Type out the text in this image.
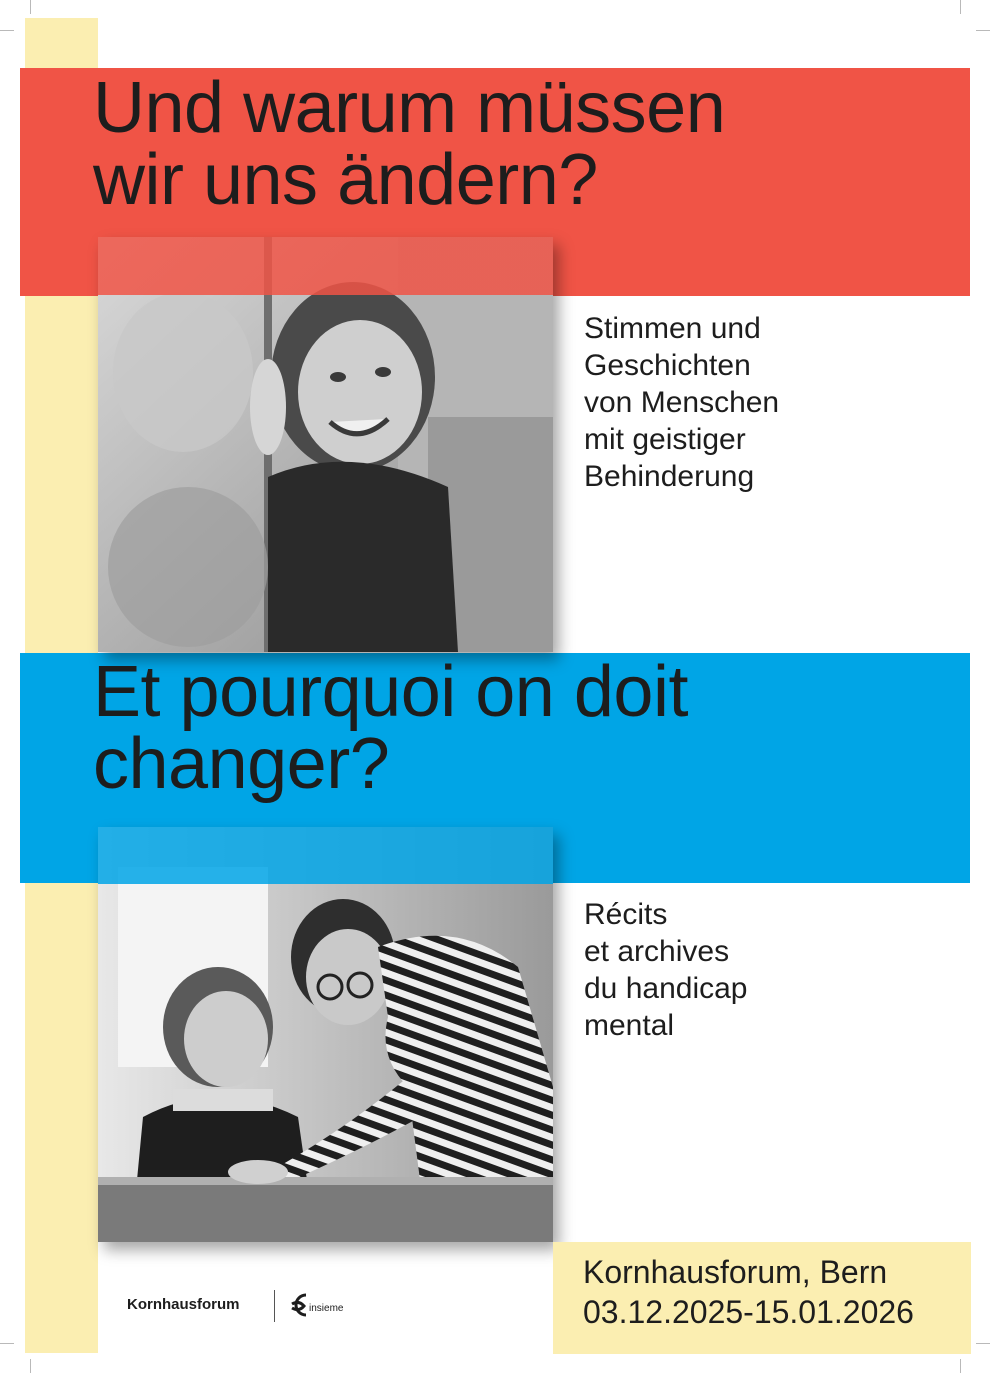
Und warum müssen
wir uns ändern?
Stimmen und
Geschichten
von Menschen
mit geistiger
Behinderung
Et pourquoi on doit
changer?
Récits
et archives
du handicap
mental
Kornhausforum, Bern
03.12.2025-15.01.2026
Kornhausforum	insieme
